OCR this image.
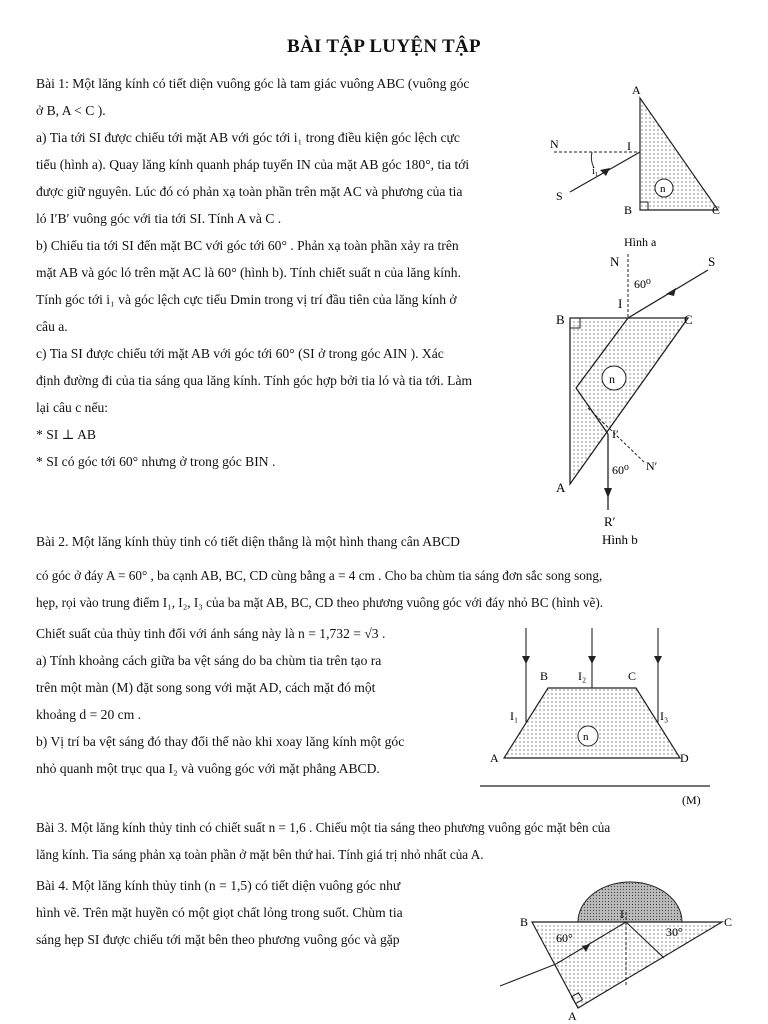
BÀI TẬP LUYỆN TẬP

Bài 1: Một lăng kính có tiết diện vuông góc là tam giác vuông ABC (vuông góc

ở B, A < C ).

a) Tia tới SI được chiếu tới mặt AB với góc tới i₁ trong điều kiện góc lệch cực

tiểu (hình a). Quay lăng kính quanh pháp tuyến IN của mặt AB góc 180°, tia tới

được giữ nguyên. Lúc đó có phản xạ toàn phần trên mặt AC và phương của tia

ló I′B′ vuông góc với tia tới SI. Tính A và C .

b) Chiếu tia tới SI đến mặt BC với góc tới 60° . Phản xạ toàn phần xảy ra trên

mặt AB và góc ló trên mặt AC là 60° (hình b). Tính chiết suất n của lăng kính.

Tính góc tới i₁ và góc lệch cực tiểu Dmin trong vị trí đầu tiên của lăng kính ở

câu a.

c) Tia SI được chiếu tới mặt AB với góc tới 60° (SI ở trong góc AIN ). Xác

định đường đi của tia sáng qua lăng kính. Tính góc hợp bởi tia ló và tia tới. Làm

lại câu c nếu:

* SI ⊥ AB

* SI có góc tới 60° nhưng ở trong góc BIN .

Bài 2. Một lăng kính thủy tinh có tiết diện thẳng là một hình thang cân ABCD

có góc ở đáy A = 60° , ba cạnh AB, BC, CD cùng bằng a = 4 cm . Cho ba chùm tia sáng đơn sắc song song,

hẹp, rọi vào trung điểm I₁, I₂, I₃ của ba mặt AB, BC, CD theo phương vuông góc với đáy nhỏ BC (hình vẽ).

Chiết suất của thủy tinh đối với ánh sáng này là n = 1,732 = √3 .

a) Tính khoảng cách giữa ba vệt sáng do ba chùm tia trên tạo ra

trên một màn (M) đặt song song với mặt AD, cách mặt đó một

khoảng d = 20 cm .

b) Vị trí ba vệt sáng đó thay đổi thế nào khi xoay lăng kính một góc

nhỏ quanh một trục qua I₂ và vuông góc với mặt phẳng ABCD.

Bài 3. Một lăng kính thủy tinh có chiết suất n = 1,6 . Chiếu một tia sáng theo phương vuông góc mặt bên của

lăng kính. Tia sáng phản xạ toàn phần ở mặt bên thứ hai. Tính giá trị nhỏ nhất của A.

Bài 4. Một lăng kính thủy tinh (n = 1,5) có tiết diện vuông góc như

hình vẽ. Trên mặt huyền có một giọt chất lỏng trong suốt. Chùm tia

sáng hẹp SI được chiếu tới mặt bên theo phương vuông góc và gặp

A
N	I
i₁
S	n
B	C
Hình a
N	S
60⁰
I
B	C
n
I′
60⁰ N′
A
R′
Hình b
B I₂	C
I₁	I₃
n
A	D
(M)
B	C
I
60°	30°
A
